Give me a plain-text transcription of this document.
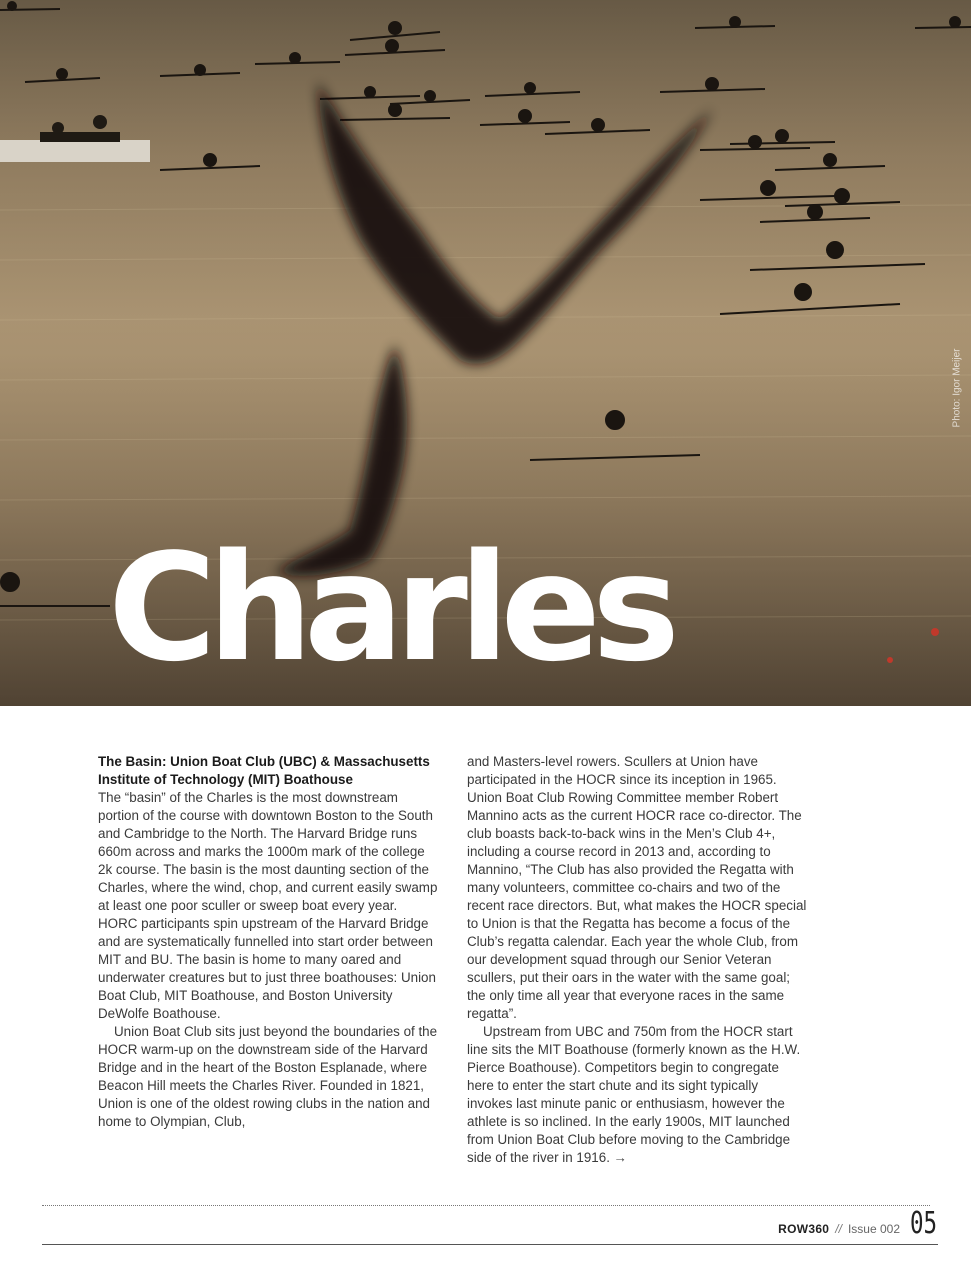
Charles
Photo: Igor Meijer
The Basin: Union Boat Club (UBC) & Massachusetts Institute of Technology (MIT) Boathouse

The “basin” of the Charles is the most downstream portion of the course with downtown Boston to the South and Cambridge to the North. The Harvard Bridge runs 660m across and marks the 1000m mark of the college 2k course. The basin is the most daunting section of the Charles, where the wind, chop, and current easily swamp at least one poor sculler or sweep boat every year. HORC participants spin upstream of the Harvard Bridge and are systematically funnelled into start order between MIT and BU. The basin is home to many oared and underwater creatures but to just three boathouses: Union Boat Club, MIT Boathouse, and Boston University DeWolfe Boathouse.

Union Boat Club sits just beyond the boundaries of the HOCR warm-up on the downstream side of the Harvard Bridge and in the heart of the Boston Esplanade, where Beacon Hill meets the Charles River. Founded in 1821, Union is one of the oldest rowing clubs in the nation and home to Olympian, Club,

and Masters-level rowers. Scullers at Union have participated in the HOCR since its inception in 1965. Union Boat Club Rowing Committee member Robert Mannino acts as the current HOCR race co-director. The club boasts back-to-back wins in the Men’s Club 4+, including a course record in 2013 and, according to Mannino, “The Club has also provided the Regatta with many volunteers, committee co-chairs and two of the recent race directors. But, what makes the HOCR special to Union is that the Regatta has become a focus of the Club’s regatta calendar. Each year the whole Club, from our development squad through our Senior Veteran scullers, put their oars in the water with the same goal; the only time all year that everyone races in the same regatta”.

Upstream from UBC and 750m from the HOCR start line sits the MIT Boathouse (formerly known as the H.W. Pierce Boathouse). Competitors begin to congregate here to enter the start chute and its sight typically invokes last minute panic or enthusiasm, however the athlete is so inclined. In the early 1900s, MIT launched from Union Boat Club before moving to the Cambridge side of the river in 1916. →

ROW360 // Issue 002 05
